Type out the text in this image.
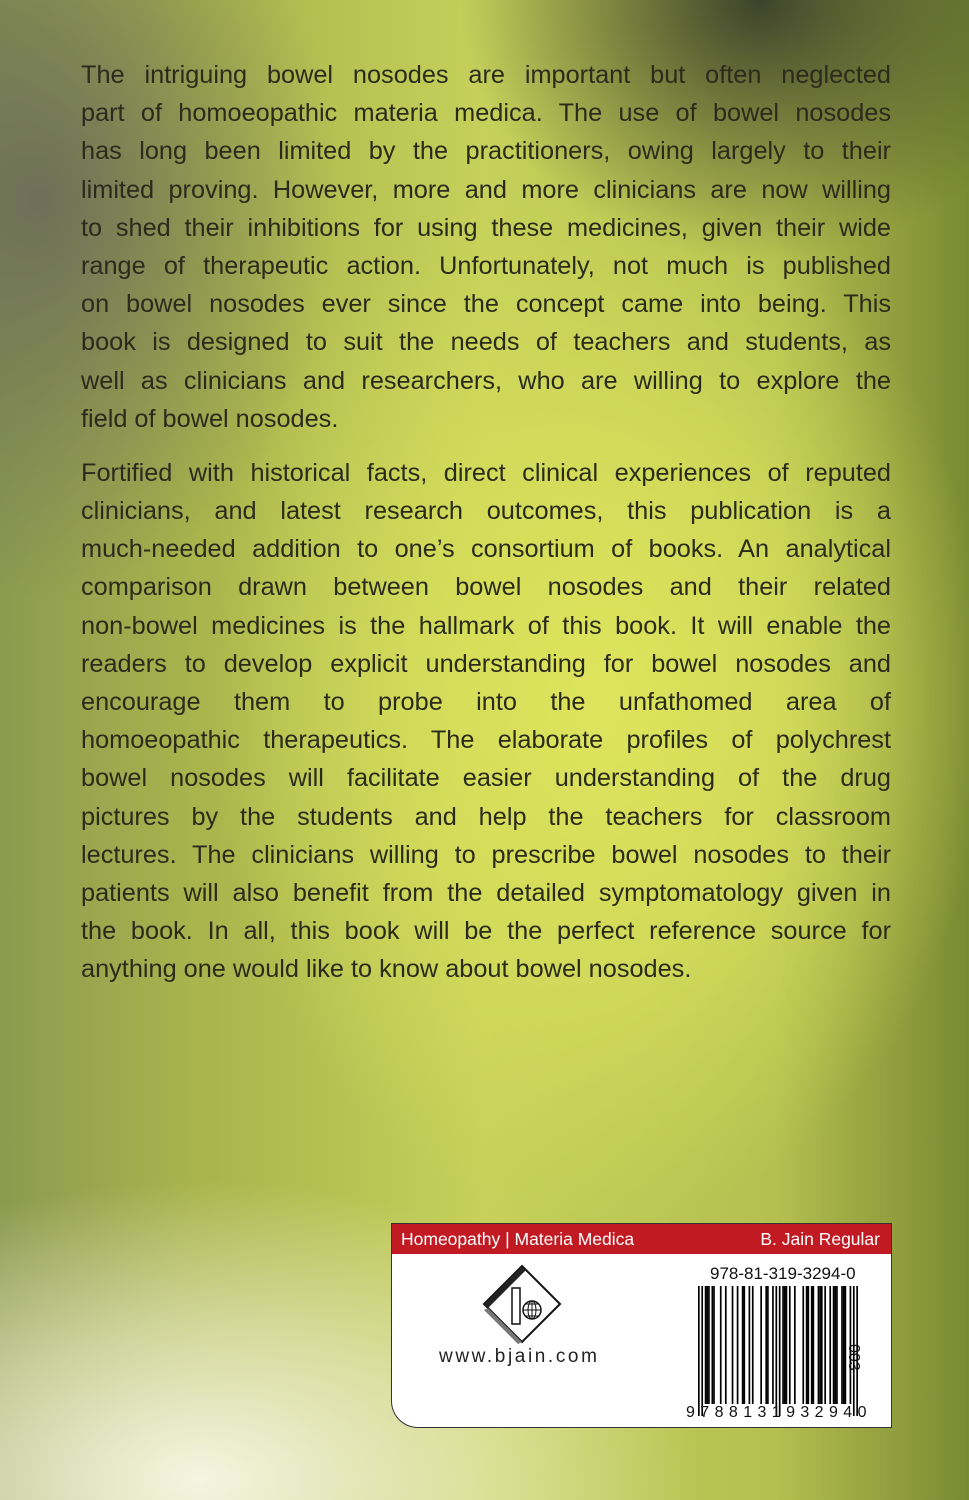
The intriguing bowel nosodes are important but often neglected
part of homoeopathic materia medica. The use of bowel nosodes
has long been limited by the practitioners, owing largely to their
limited proving. However, more and more clinicians are now willing
to shed their inhibitions for using these medicines, given their wide
range of therapeutic action. Unfortunately, not much is published
on bowel nosodes ever since the concept came into being. This
book is designed to suit the needs of teachers and students, as
well as clinicians and researchers, who are willing to explore the
field of bowel nosodes.
Fortified with historical facts, direct clinical experiences of reputed
clinicians, and latest research outcomes, this publication is a
much-needed addition to one’s consortium of books. An analytical
comparison drawn between bowel nosodes and their related
non-bowel medicines is the hallmark of this book. It will enable the
readers to develop explicit understanding for bowel nosodes and
encourage them to probe into the unfathomed area of
homoeopathic therapeutics. The elaborate profiles of polychrest
bowel nosodes will facilitate easier understanding of the drug
pictures by the students and help the teachers for classroom
lectures. The clinicians willing to prescribe bowel nosodes to their
patients will also benefit from the detailed symptomatology given in
the book. In all, this book will be the perfect reference source for
anything one would like to know about bowel nosodes.
Homeopathy | Materia Medica	B. Jain Regular
www.bjain.com
978-81-319-3294-0
9788131932940
003
